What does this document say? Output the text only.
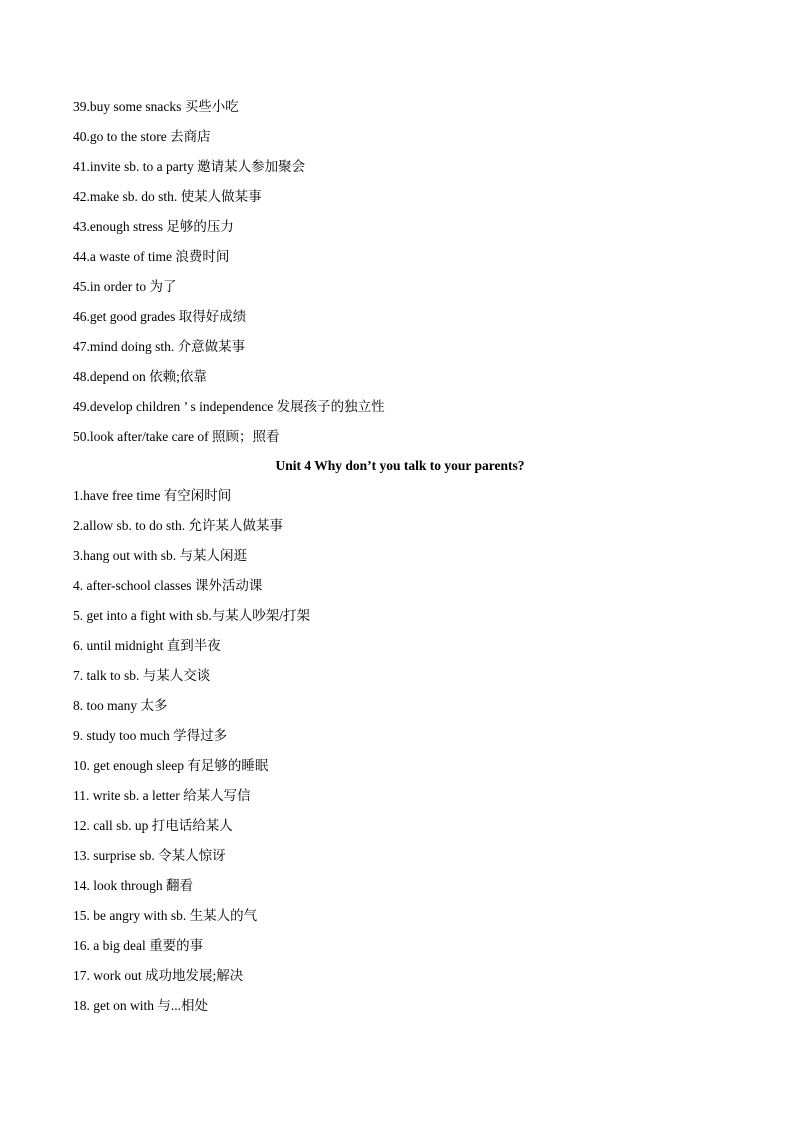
39.buy some snacks 买些小吃
40.go to the store 去商店
41.invite sb. to a party 邀请某人参加聚会
42.make sb. do sth. 使某人做某事
43.enough stress 足够的压力
44.a waste of time 浪费时间
45.in order to 为了
46.get good grades 取得好成绩
47.mind doing sth. 介意做某事
48.depend on 依赖;依靠
49.develop children ’ s independence 发展孩子的独立性
50.look after/take care of 照顾；照看
Unit 4 Why don’t you talk to your parents?
1.have free time 有空闲时间
2.allow sb. to do sth. 允许某人做某事
3.hang out with sb. 与某人闲逛
4. after-school classes 课外活动课
5. get into a fight with sb.与某人吵架/打架
6. until midnight 直到半夜
7. talk to sb. 与某人交谈
8. too many 太多
9. study too much 学得过多
10. get enough sleep 有足够的睡眠
11. write sb. a letter 给某人写信
12. call sb. up 打电话给某人
13. surprise sb. 令某人惊讶
14. look through 翻看
15. be angry with sb. 生某人的气
16. a big deal 重要的事
17. work out 成功地发展;解决
18. get on with 与...相处
